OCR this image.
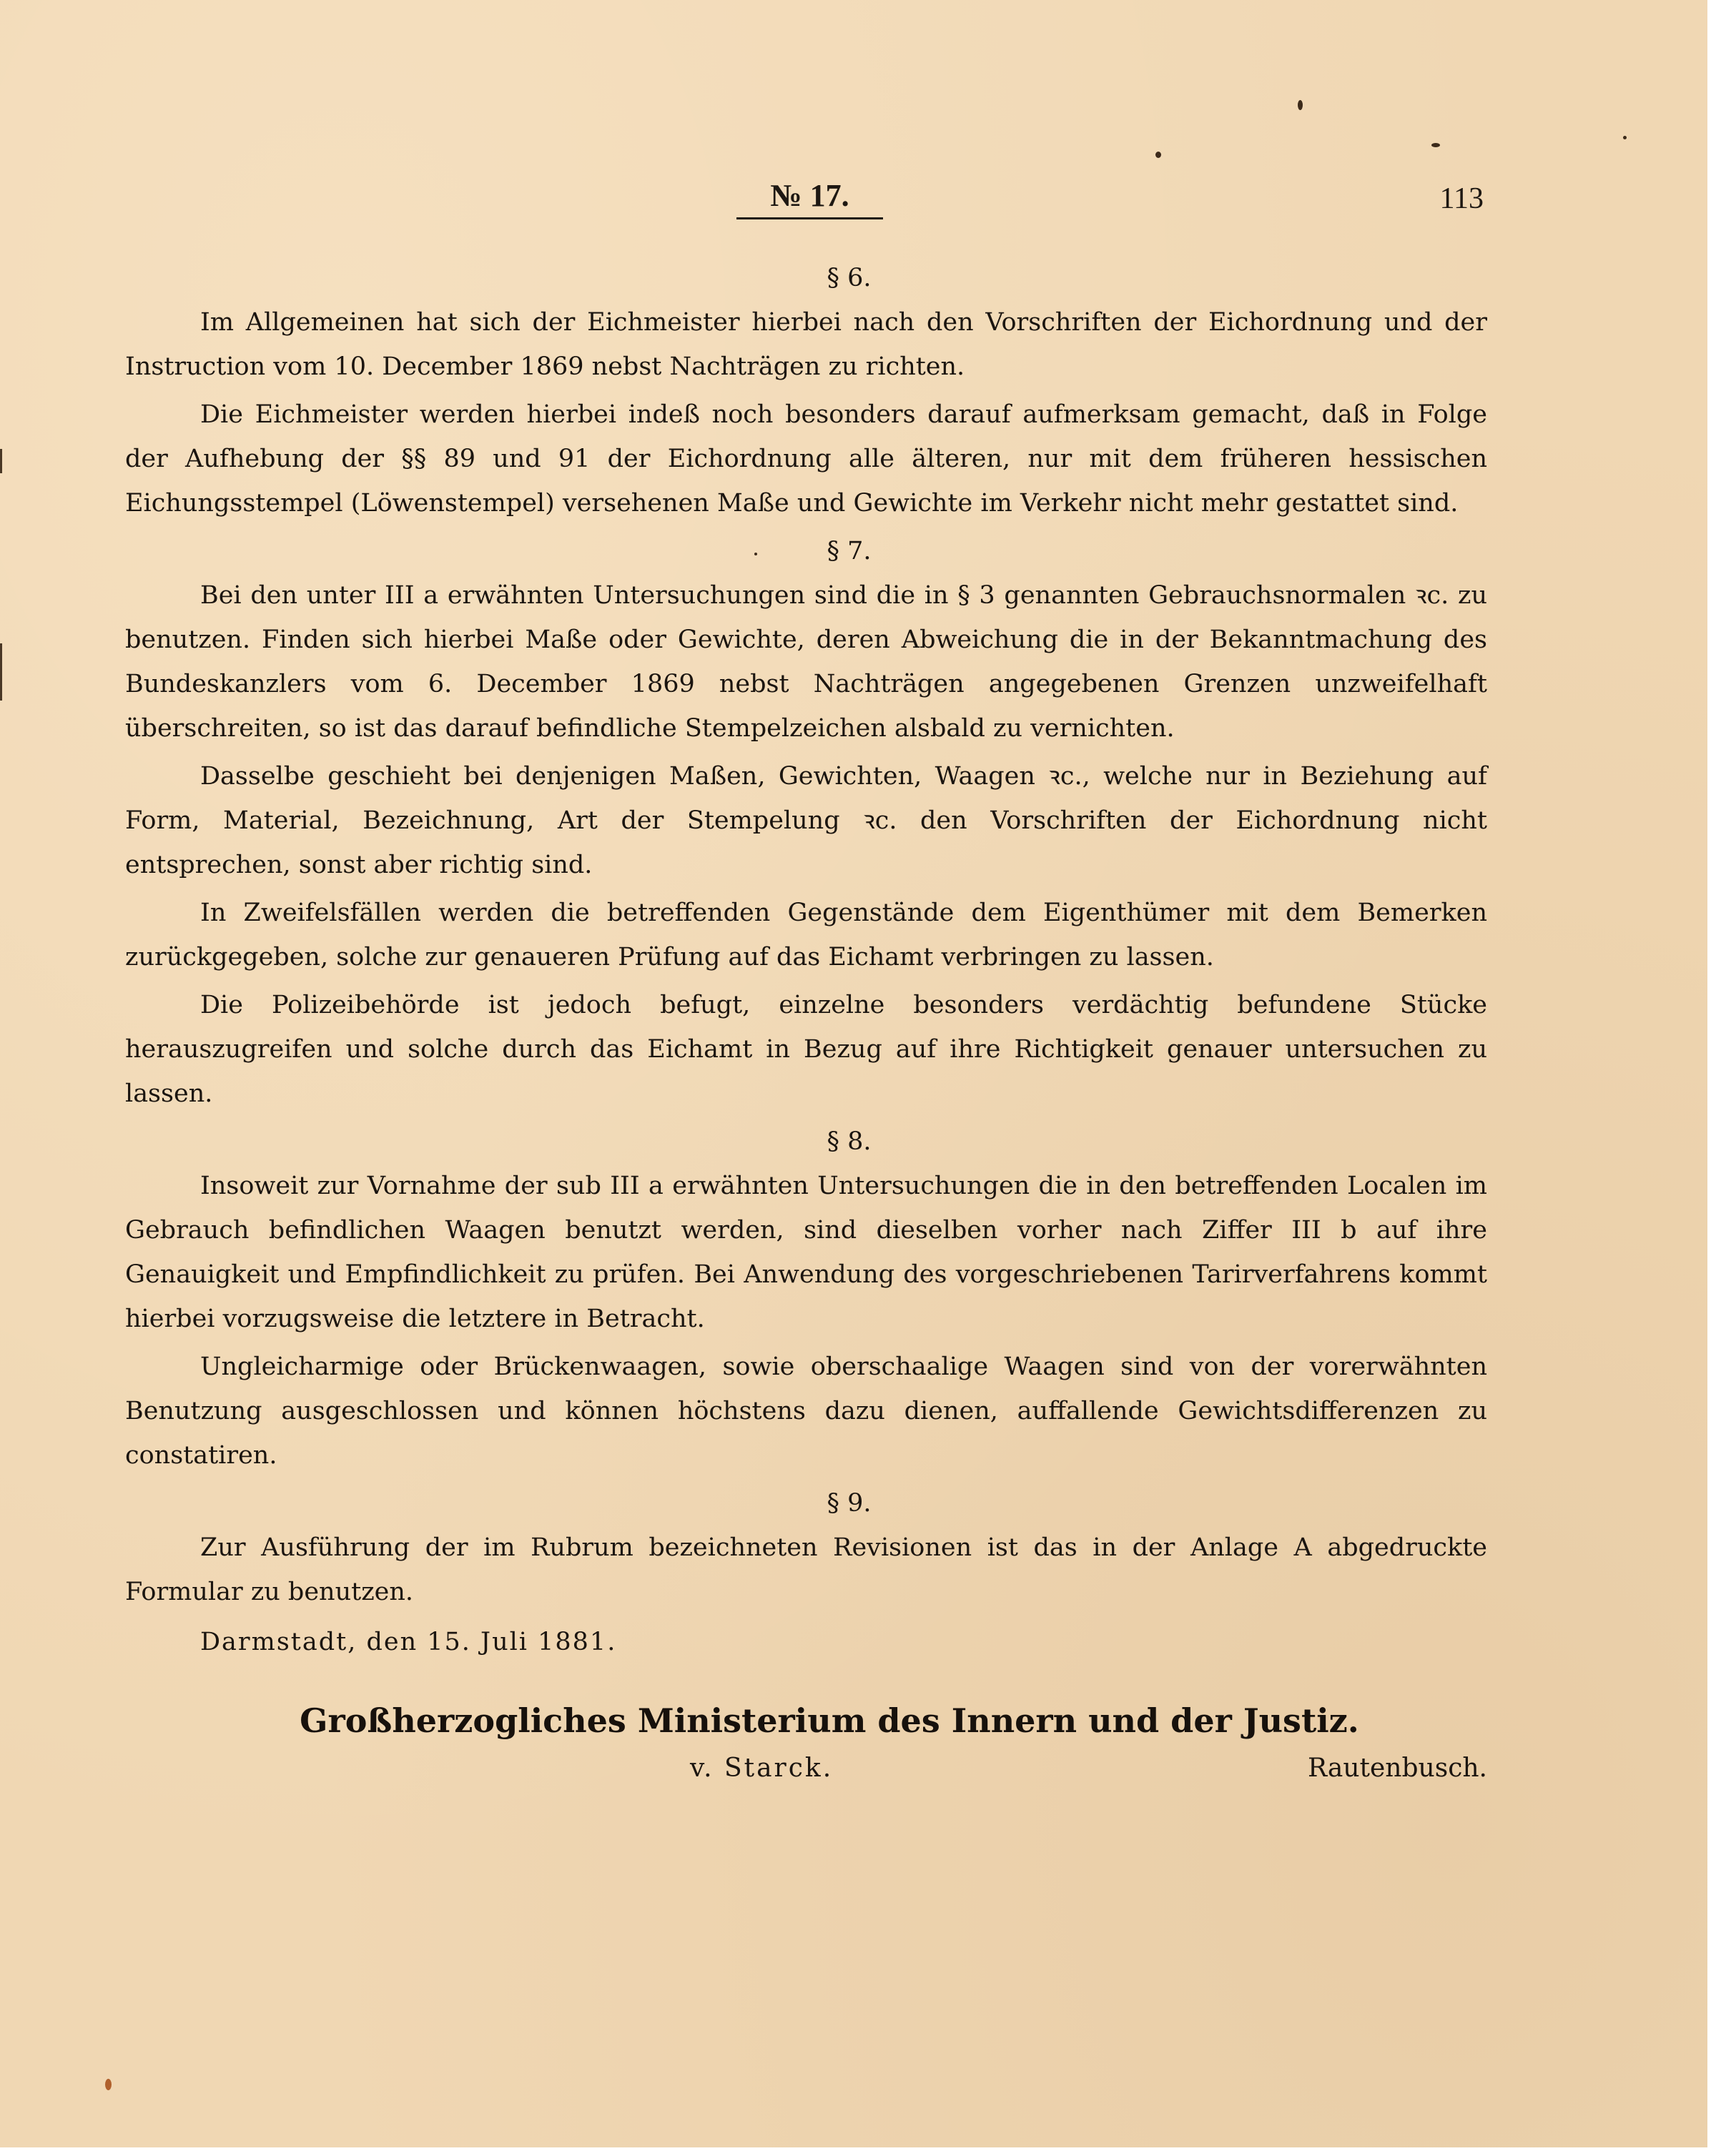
№ 17.	113

§ 6.

Im Allgemeinen hat sich der Eichmeister hierbei nach den Vorschriften der Eichordnung und der Instruction vom 10. December 1869 nebst Nachträgen zu richten.

Die Eichmeister werden hierbei indeß noch besonders darauf aufmerksam gemacht, daß in Folge der Aufhebung der §§ 89 und 91 der Eichordnung alle älteren, nur mit dem früheren hessischen Eichungsstempel (Löwenstempel) versehenen Maße und Gewichte im Verkehr nicht mehr gestattet sind.

§ 7.

Bei den unter III a erwähnten Untersuchungen sind die in § 3 genannten Gebrauchsnormalen ꝛc. zu benutzen. Finden sich hierbei Maße oder Gewichte, deren Abweichung die in der Bekanntmachung des Bundeskanzlers vom 6. December 1869 nebst Nachträgen angegebenen Grenzen unzweifelhaft überschreiten, so ist das darauf befindliche Stempelzeichen alsbald zu vernichten.

Dasselbe geschieht bei denjenigen Maßen, Gewichten, Waagen ꝛc., welche nur in Beziehung auf Form, Material, Bezeichnung, Art der Stempelung ꝛc. den Vorschriften der Eichordnung nicht entsprechen, sonst aber richtig sind.

In Zweifelsfällen werden die betreffenden Gegenstände dem Eigenthümer mit dem Bemerken zurückgegeben, solche zur genaueren Prüfung auf das Eichamt verbringen zu lassen.

Die Polizeibehörde ist jedoch befugt, einzelne besonders verdächtig befundene Stücke herauszugreifen und solche durch das Eichamt in Bezug auf ihre Richtigkeit genauer untersuchen zu lassen.

§ 8.

Insoweit zur Vornahme der sub III a erwähnten Untersuchungen die in den betreffenden Localen im Gebrauch befindlichen Waagen benutzt werden, sind dieselben vorher nach Ziffer III b auf ihre Genauigkeit und Empfindlichkeit zu prüfen. Bei Anwendung des vorgeschriebenen Tarirverfahrens kommt hierbei vorzugsweise die letztere in Betracht.

Ungleicharmige oder Brückenwaagen, sowie oberschaalige Waagen sind von der vorerwähnten Benutzung ausgeschlossen und können höchstens dazu dienen, auffallende Gewichtsdifferenzen zu constatiren.

§ 9.

Zur Ausführung der im Rubrum bezeichneten Revisionen ist das in der Anlage A abgedruckte Formular zu benutzen.

Darmstadt, den 15. Juli 1881.

Großherzogliches Ministerium des Innern und der Justiz.

v. Starck.	Rautenbusch.
